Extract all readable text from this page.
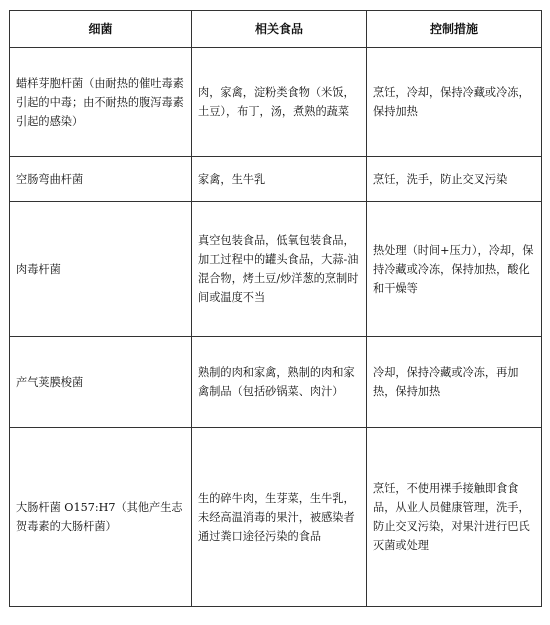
细菌	相关食品	控制措施
蜡样芽胞杆菌（由耐热的催吐毒素引起的中毒；由不耐热的腹泻毒素引起的感染）	肉，家禽，淀粉类食物（米饭，土豆），布丁，汤，煮熟的蔬菜	烹饪，冷却，保持冷藏或冷冻，保持加热
空肠弯曲杆菌	家禽，生牛乳	烹饪，洗手，防止交叉污染
肉毒杆菌	真空包装食品，低氧包装食品，加工过程中的罐头食品，大蒜-油混合物，烤土豆/炒洋葱的烹制时间或温度不当	热处理（时间+压力），冷却，保持冷藏或冷冻，保持加热，酸化和干燥等
产气荚膜梭菌	熟制的肉和家禽，熟制的肉和家禽制品（包括砂锅菜、肉汁）	冷却，保持冷藏或冷冻，再加热，保持加热
大肠杆菌 O157:H7（其他产生志贺毒素的大肠杆菌）	生的碎牛肉，生芽菜，生牛乳，未经高温消毒的果汁，被感染者通过粪口途径污染的食品	烹饪，不使用裸手接触即食食品，从业人员健康管理，洗手，防止交叉污染，对果汁进行巴氏灭菌或处理
